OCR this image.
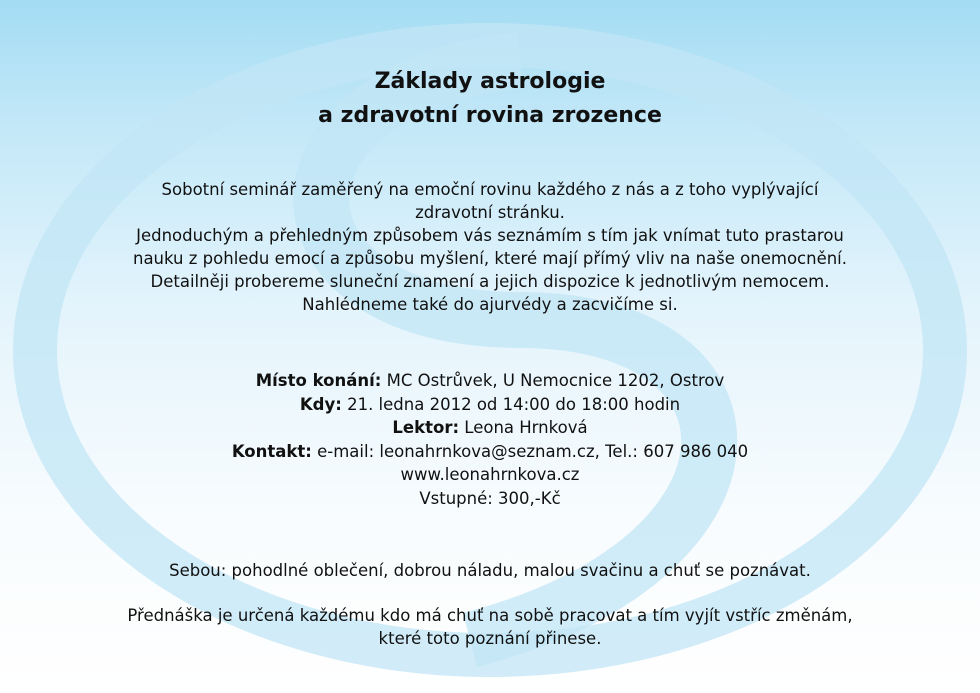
Základy astrologie
a zdravotní rovina zrozence
Sobotní seminář zaměřený na emoční rovinu každého z nás a z toho vyplývající
zdravotní stránku.
Jednoduchým a přehledným způsobem vás seznámím s tím jak vnímat tuto prastarou
nauku z pohledu emocí a způsobu myšlení, které mají přímý vliv na naše onemocnění.
Detailněji probereme sluneční znamení a jejich dispozice k jednotlivým nemocem.
Nahlédneme také do ajurvédy a zacvičíme si.
Místo konání: MC Ostrůvek, U Nemocnice 1202, Ostrov
Kdy: 21. ledna 2012 od 14:00 do 18:00 hodin
Lektor: Leona Hrnková
Kontakt: e-mail: leonahrnkova@seznam.cz, Tel.: 607 986 040
www.leonahrnkova.cz
Vstupné: 300,-Kč
Sebou: pohodlné oblečení, dobrou náladu, malou svačinu a chuť se poznávat.
Přednáška je určená každému kdo má chuť na sobě pracovat a tím vyjít vstříc změnám,
které toto poznání přinese.
